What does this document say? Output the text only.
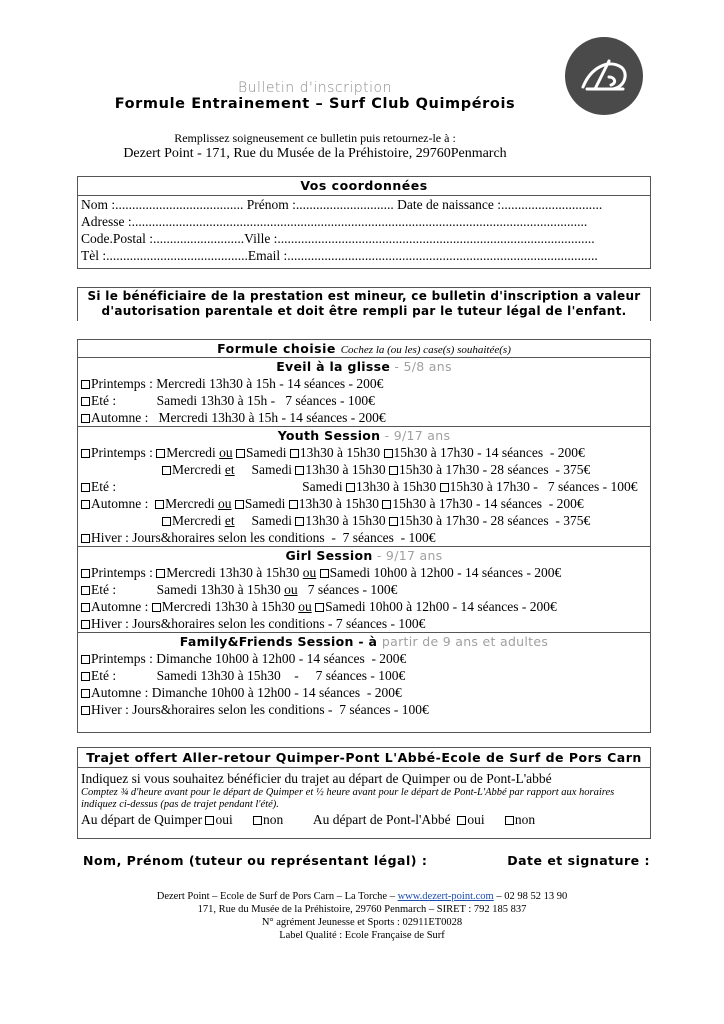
Bulletin d'inscription
Formule Entrainement – Surf Club Quimpérois
Remplissez soigneusement ce bulletin puis retournez-le à :
Dezert Point - 171, Rue du Musée de la Préhistoire, 29760Penmarch
Vos coordonnées
Nom :...................................... Prénom :............................. Date de naissance :..............................
Adresse :.......................................................................................................................................
Code.Postal :...........................Ville :..............................................................................................
Tèl :..........................................Email :............................................................................................
Si le bénéficiaire de la prestation est mineur, ce bulletin d'inscription a valeur
d'autorisation parentale et doit être rempli par le tuteur légal de l'enfant.
Formule choisie Cochez la (ou les) case(s) souhaitée(s)
Eveil à la glisse - 5/8 ans
Printemps : Mercredi 13h30 à 15h - 14 séances - 200€
Eté :            Samedi 13h30 à 15h -   7 séances - 100€
Automne :   Mercredi 13h30 à 15h - 14 séances - 200€
Youth Session - 9/17 ans
Printemps : Mercredi ou Samedi 13h30 à 15h30 15h30 à 17h30 - 14 séances  - 200€
Mercredi et     Samedi 13h30 à 15h30 15h30 à 17h30 - 28 séances  - 375€
Eté :	Samedi 13h30 à 15h30 15h30 à 17h30 -   7 séances - 100€
Automne :  Mercredi ou Samedi 13h30 à 15h30 15h30 à 17h30 - 14 séances  - 200€
Mercredi et     Samedi 13h30 à 15h30 15h30 à 17h30 - 28 séances  - 375€
Hiver : Jours&horaires selon les conditions  -  7 séances  - 100€
Girl Session - 9/17 ans
Printemps : Mercredi 13h30 à 15h30 ou Samedi 10h00 à 12h00 - 14 séances - 200€
Eté :            Samedi 13h30 à 15h30 ou   7 séances - 100€
Automne : Mercredi 13h30 à 15h30 ou Samedi 10h00 à 12h00 - 14 séances - 200€
Hiver : Jours&horaires selon les conditions - 7 séances - 100€
Family&Friends Session - à partir de 9 ans et adultes
Printemps : Dimanche 10h00 à 12h00 - 14 séances  - 200€
Eté :            Samedi 13h30 à 15h30    -     7 séances - 100€
Automne : Dimanche 10h00 à 12h00 - 14 séances  - 200€
Hiver : Jours&horaires selon les conditions -  7 séances - 100€
Trajet offert Aller-retour Quimper-Pont L'Abbé-Ecole de Surf de Pors Carn
Indiquez si vous souhaitez bénéficier du trajet au départ de Quimper ou de Pont-L'abbé
Comptez ¾ d'heure avant pour le départ de Quimper et ½ heure avant pour le départ de Pont-L'Abbé par rapport aux horaires indiquez ci-dessus (pas de trajet pendant l'été).
Au départ de Quimper oui non Au départ de Pont-l'Abbé  oui non
Nom, Prénom (tuteur ou représentant légal) :	Date et signature :
Dezert Point – Ecole de Surf de Pors Carn – La Torche – www.dezert-point.com – 02 98 52 13 90
171, Rue du Musée de la Préhistoire, 29760 Penmarch – SIRET : 792 185 837
N° agrément Jeunesse et Sports : 02911ET0028
Label Qualité : Ecole Française de Surf
